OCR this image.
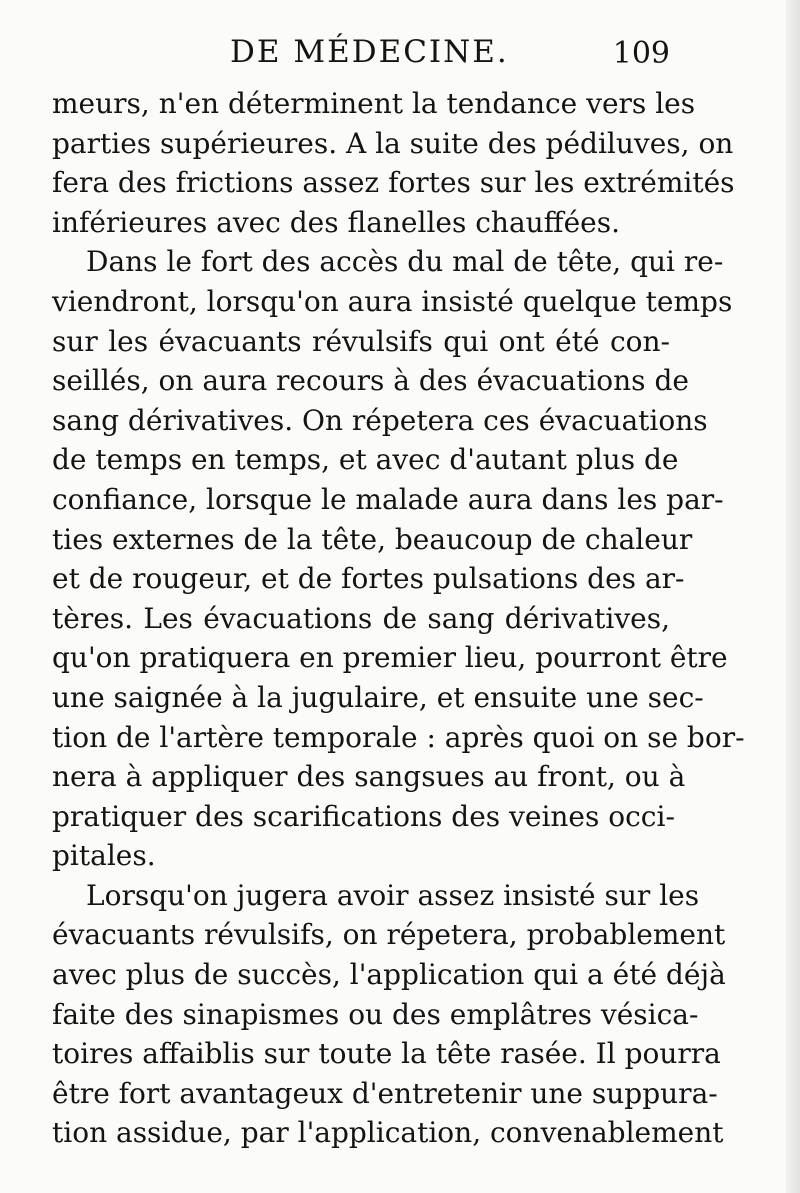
DE MÉDECINE.	109
meurs, n'en déterminent la tendance vers les
parties supérieures. A la suite des pédiluves, on
fera des frictions assez fortes sur les extrémités
inférieures avec des flanelles chauffées.
Dans le fort des accès du mal de tête, qui re-
viendront, lorsqu'on aura insisté quelque temps
sur les évacuants révulsifs qui ont été con-
seillés, on aura recours à des évacuations de
sang dérivatives. On répetera ces évacuations
de temps en temps, et avec d'autant plus de
confiance, lorsque le malade aura dans les par-
ties externes de la tête, beaucoup de chaleur
et de rougeur, et de fortes pulsations des ar-
tères. Les évacuations de sang dérivatives,
qu'on pratiquera en premier lieu, pourront être
une saignée à la jugulaire, et ensuite une sec-
tion de l'artère temporale : après quoi on se bor-
nera à appliquer des sangsues au front, ou à
pratiquer des scarifications des veines occi-
pitales.
Lorsqu'on jugera avoir assez insisté sur les
évacuants révulsifs, on répetera, probablement
avec plus de succès, l'application qui a été déjà
faite des sinapismes ou des emplâtres vésica-
toires affaiblis sur toute la tête rasée. Il pourra
être fort avantageux d'entretenir une suppura-
tion assidue, par l'application, convenablement
